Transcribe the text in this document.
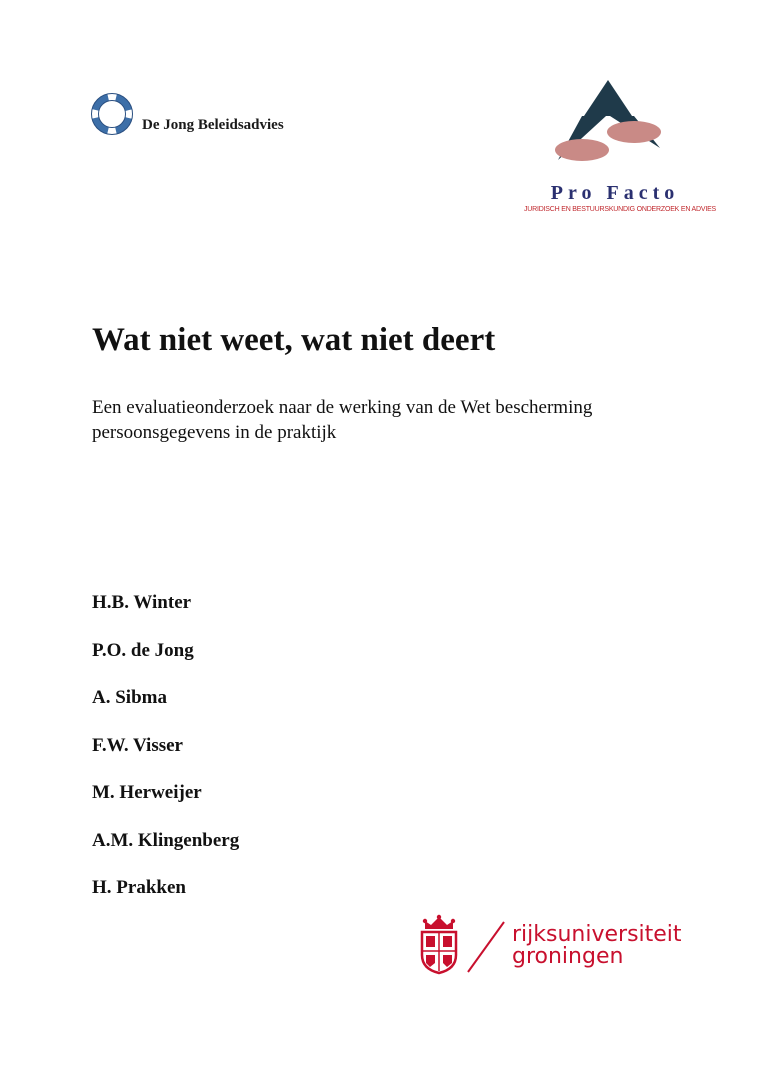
De Jong Beleidsadvies
Pro Facto
JURIDISCH EN BESTUURSKUNDIG ONDERZOEK EN ADVIES
Wat niet weet, wat niet deert
Een evaluatieonderzoek naar de werking van de Wet bescherming persoonsgegevens in de praktijk
H.B. Winter
P.O. de Jong
A. Sibma
F.W. Visser
M. Herweijer
A.M. Klingenberg
H. Prakken
rijksuniversiteit
groningen
